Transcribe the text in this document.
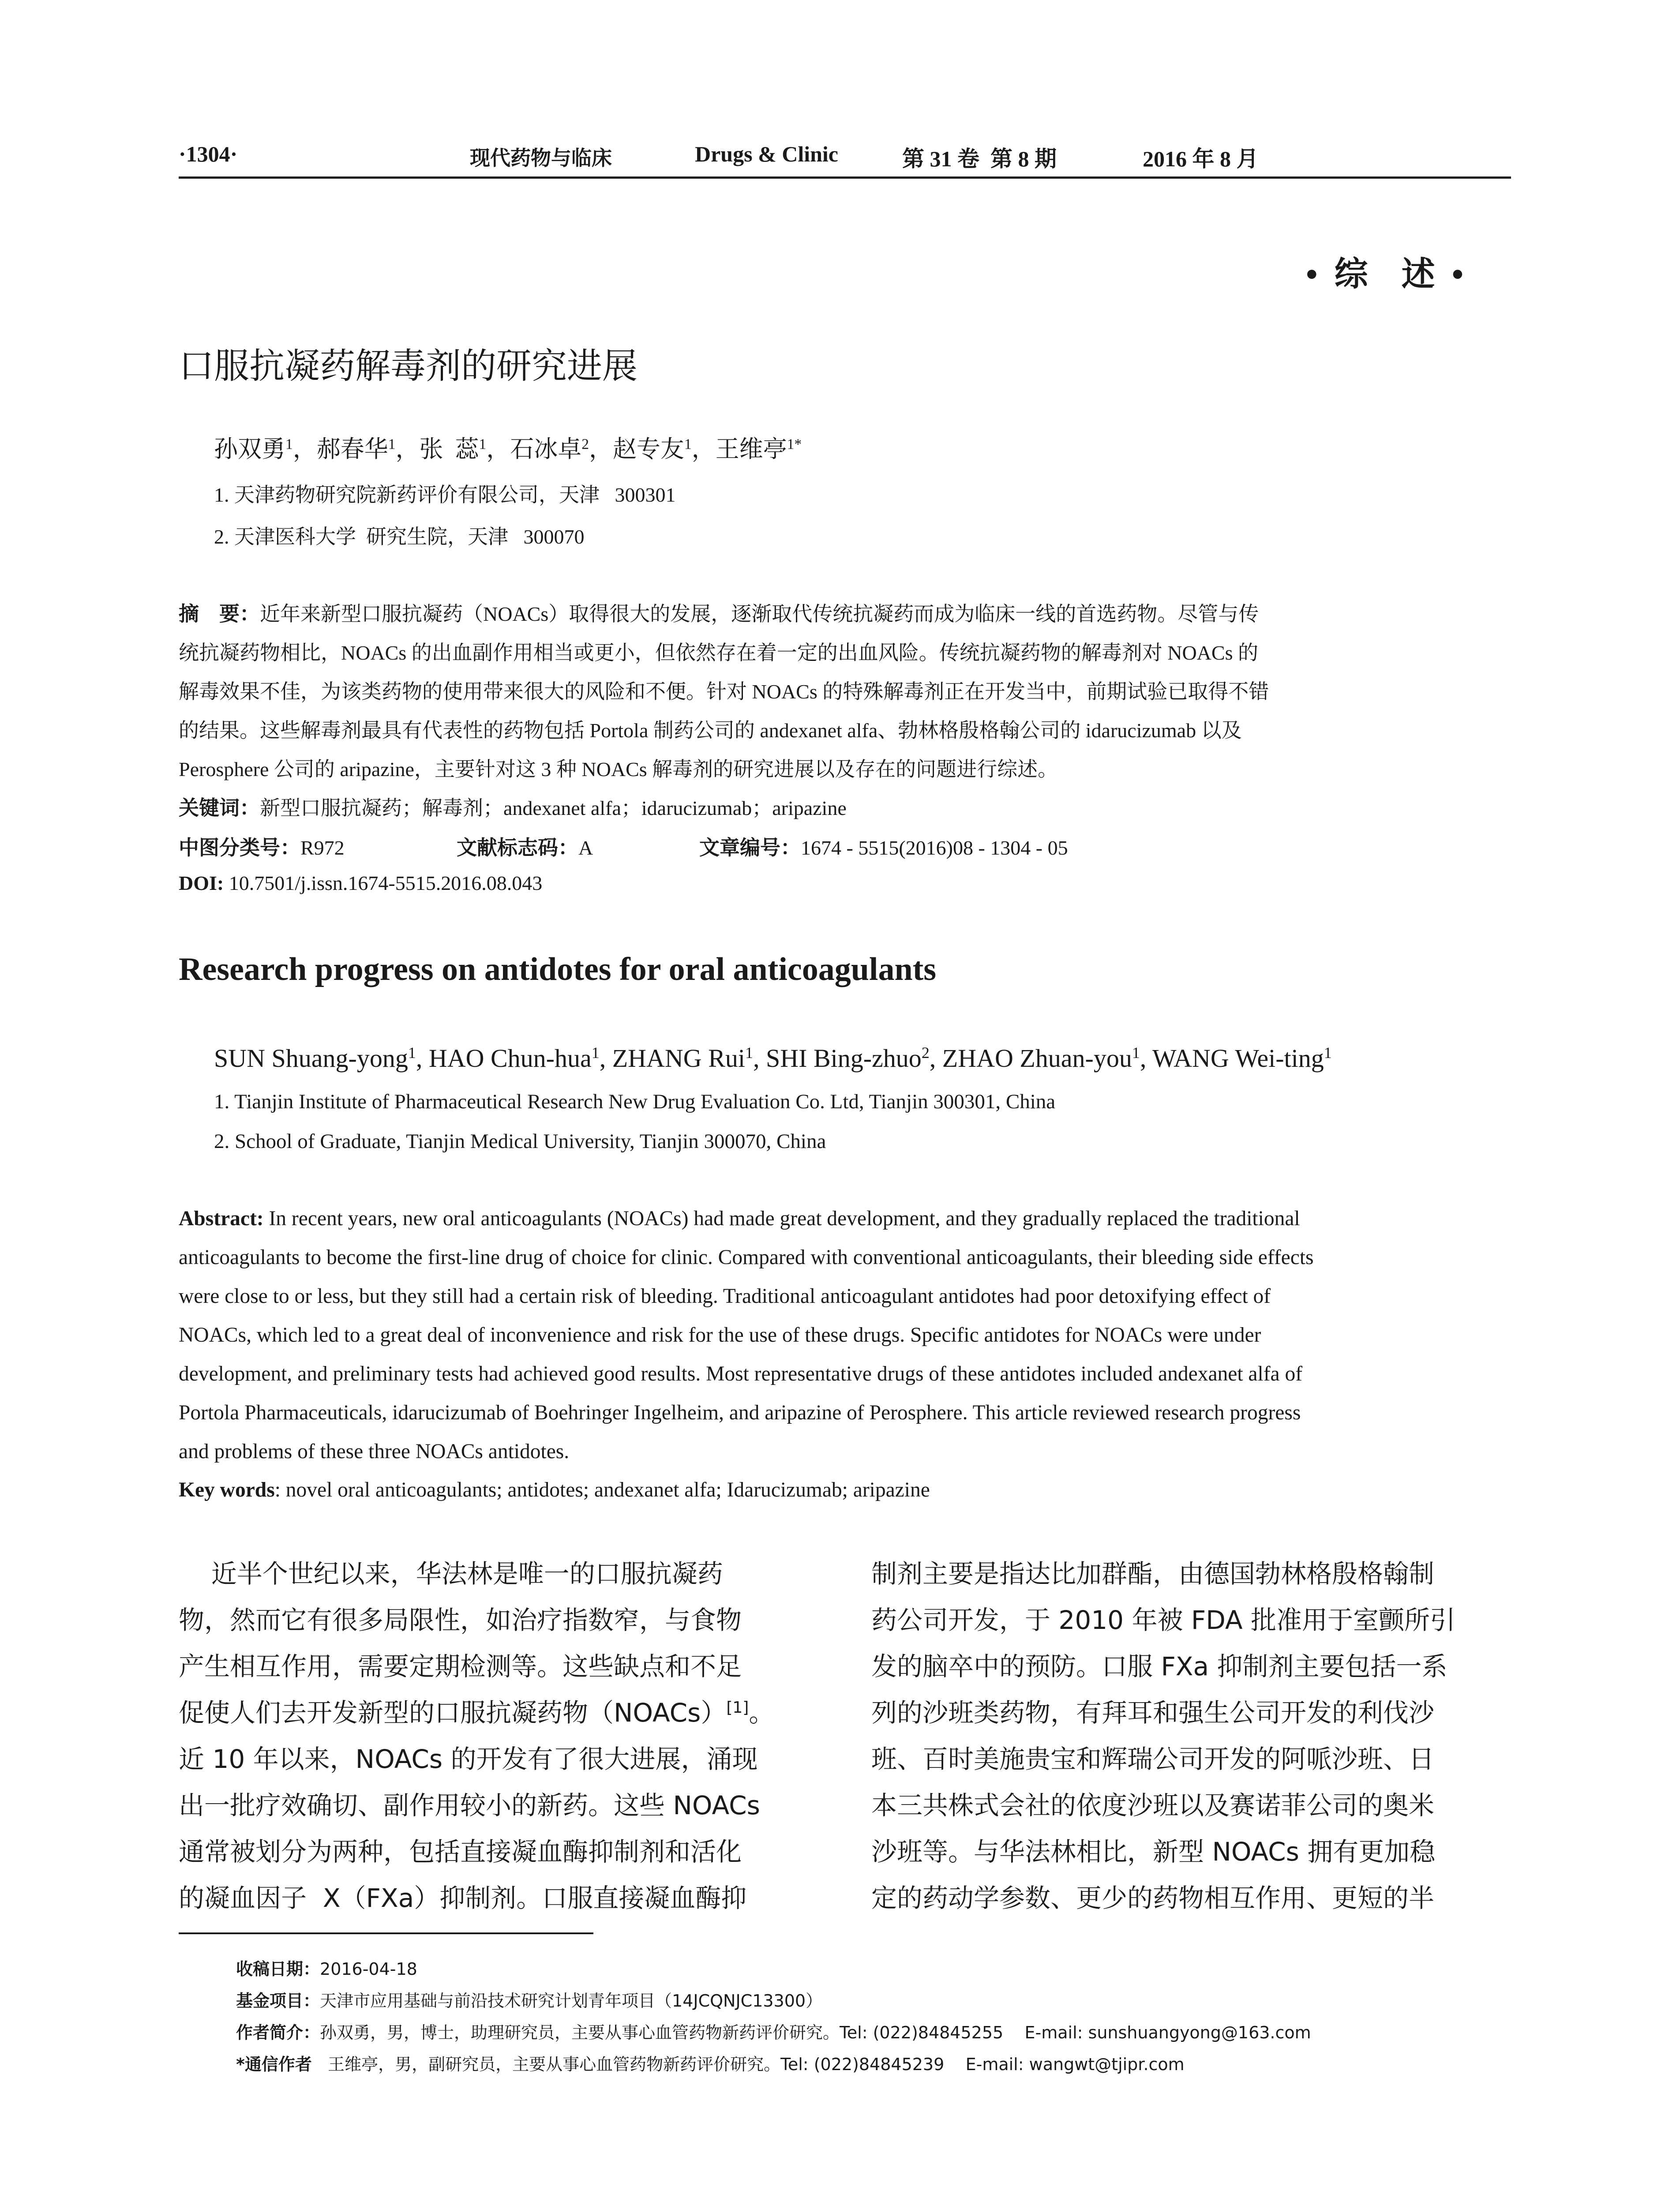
·1304·	现代药物与临床	Drugs & Clinic	第 31 卷  第 8 期	2016 年 8 月
•  综    述  •
口服抗凝药解毒剂的研究进展
孙双勇$^1$，郝春华$^1$，张  蕊$^1$，石冰卓$^2$，赵专友$^1$，王维亭$^{1*}$
1. 天津药物研究院新药评价有限公司，天津   300301
2. 天津医科大学  研究生院，天津   300070
摘    要：近年来新型口服抗凝药（NOACs）取得很大的发展，逐渐取代传统抗凝药而成为临床一线的首选药物。尽管与传
统抗凝药物相比，NOACs 的出血副作用相当或更小，但依然存在着一定的出血风险。传统抗凝药物的解毒剂对 NOACs 的
解毒效果不佳，为该类药物的使用带来很大的风险和不便。针对 NOACs 的特殊解毒剂正在开发当中，前期试验已取得不错
的结果。这些解毒剂最具有代表性的药物包括 Portola 制药公司的 andexanet alfa、勃林格殷格翰公司的 idarucizumab 以及
Perosphere 公司的 aripazine，主要针对这 3 种 NOACs 解毒剂的研究进展以及存在的问题进行综述。
关键词：新型口服抗凝药；解毒剂；andexanet alfa；idarucizumab；aripazine
中图分类号：R972	文献标志码：A	文章编号：1674 - 5515(2016)08 - 1304 - 05
DOI: 10.7501/j.issn.1674-5515.2016.08.043
Research progress on antidotes for oral anticoagulants
SUN Shuang-yong$^1$, HAO Chun-hua$^1$, ZHANG Rui$^1$, SHI Bing-zhuo$^2$, ZHAO Zhuan-you$^1$, WANG Wei-ting$^1$
1. Tianjin Institute of Pharmaceutical Research New Drug Evaluation Co. Ltd, Tianjin 300301, China
2. School of Graduate, Tianjin Medical University, Tianjin 300070, China
Abstract: In recent years, new oral anticoagulants (NOACs) had made great development, and they gradually replaced the traditional
anticoagulants to become the first-line drug of choice for clinic. Compared with conventional anticoagulants, their bleeding side effects
were close to or less, but they still had a certain risk of bleeding. Traditional anticoagulant antidotes had poor detoxifying effect of
NOACs, which led to a great deal of inconvenience and risk for the use of these drugs. Specific antidotes for NOACs were under
development, and preliminary tests had achieved good results. Most representative drugs of these antidotes included andexanet alfa of
Portola Pharmaceuticals, idarucizumab of Boehringer Ingelheim, and aripazine of Perosphere. This article reviewed research progress
and problems of these three NOACs antidotes.
Key words: novel oral anticoagulants; antidotes; andexanet alfa; Idarucizumab; aripazine
近半个世纪以来，华法林是唯一的口服抗凝药
物，然而它有很多局限性，如治疗指数窄，与食物
产生相互作用，需要定期检测等。这些缺点和不足
促使人们去开发新型的口服抗凝药物（NOACs）[1]。
近 10 年以来，NOACs 的开发有了很大进展，涌现
出一批疗效确切、副作用较小的新药。这些 NOACs
通常被划分为两种，包括直接凝血酶抑制剂和活化
的凝血因子  X（FXa）抑制剂。口服直接凝血酶抑
制剂主要是指达比加群酯，由德国勃林格殷格翰制
药公司开发，于 2010 年被 FDA 批准用于室颤所引
发的脑卒中的预防。口服 FXa 抑制剂主要包括一系
列的沙班类药物，有拜耳和强生公司开发的利伐沙
班、百时美施贵宝和辉瑞公司开发的阿哌沙班、日
本三共株式会社的依度沙班以及赛诺菲公司的奥米
沙班等。与华法林相比，新型 NOACs 拥有更加稳
定的药动学参数、更少的药物相互作用、更短的半
收稿日期：2016-04-18
基金项目：天津市应用基础与前沿技术研究计划青年项目（14JCQNJC13300）
作者简介：孙双勇，男，博士，助理研究员，主要从事心血管药物新药评价研究。Tel: (022)84845255    E-mail: sunshuangyong@163.com
*通信作者   王维亭，男，副研究员，主要从事心血管药物新药评价研究。Tel: (022)84845239    E-mail: wangwt@tjipr.com
